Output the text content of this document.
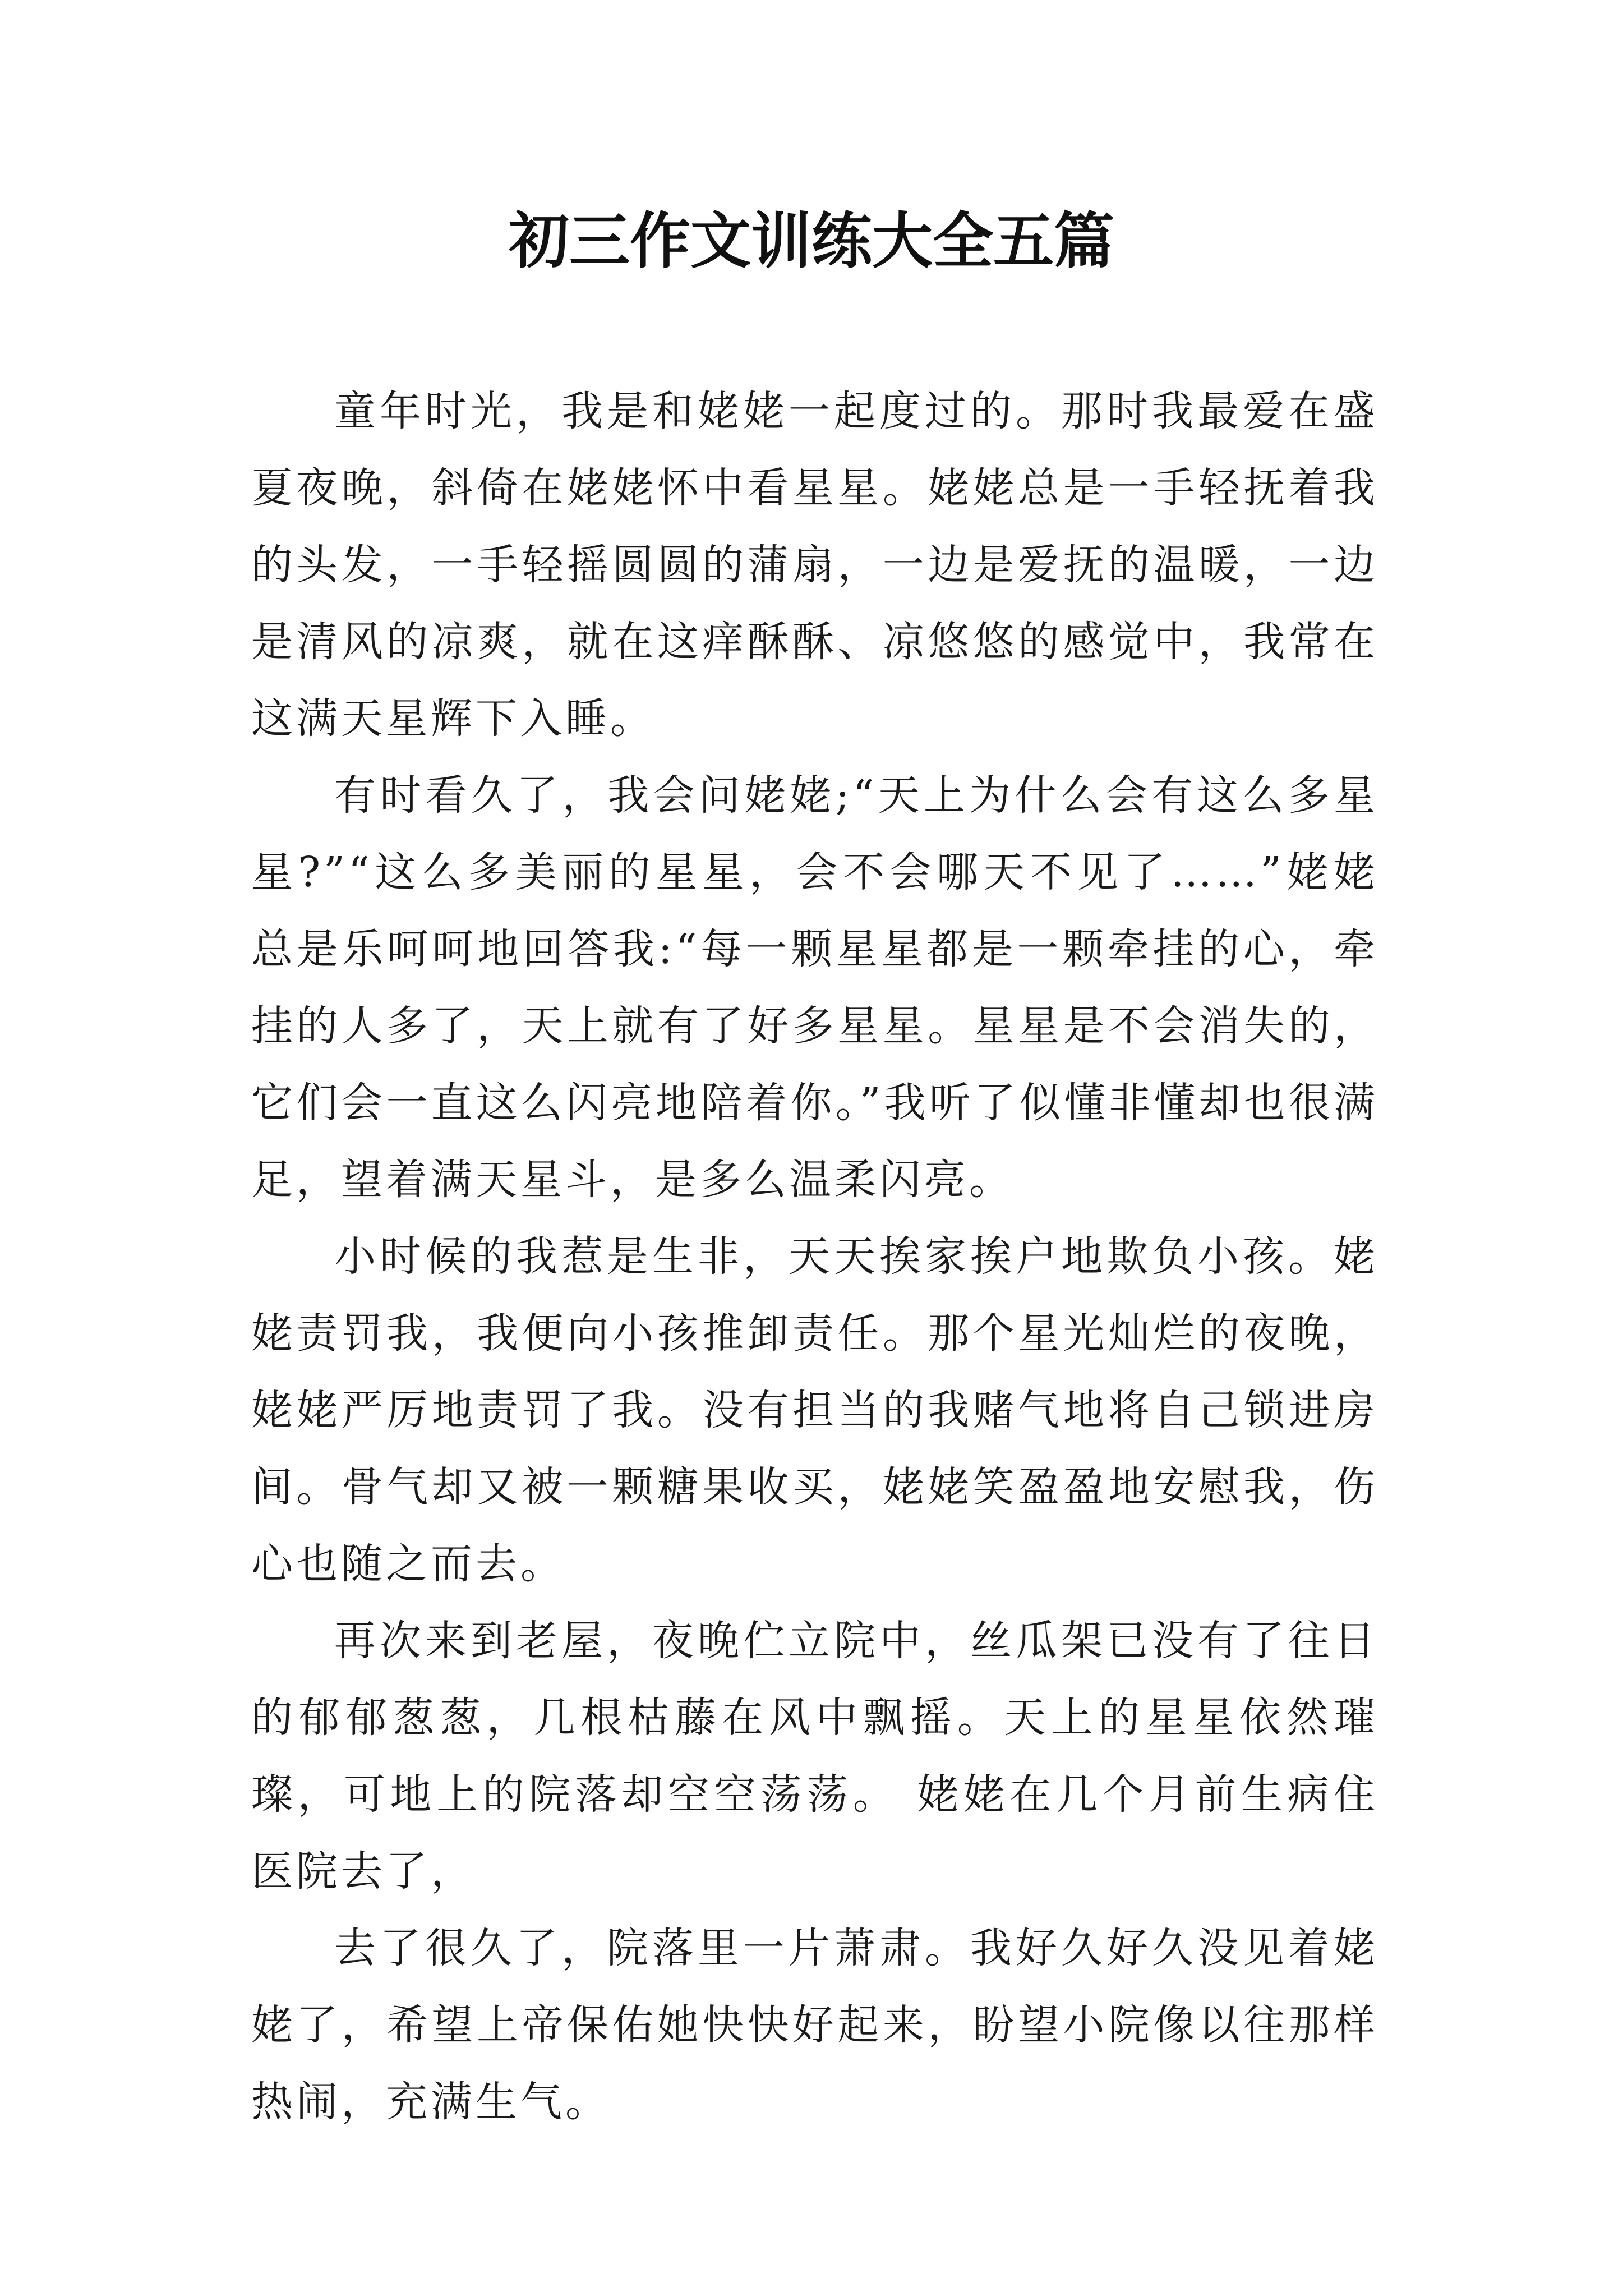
初三作文训练大全五篇

童年时光，我是和姥姥一起度过的。那时我最爱在盛夏夜晚，斜倚在姥姥怀中看星星。姥姥总是一手轻抚着我的头发，一手轻摇圆圆的蒲扇，一边是爱抚的温暖，一边是清风的凉爽，就在这痒酥酥、凉悠悠的感觉中，我常在这满天星辉下入睡。

有时看久了，我会问姥姥;“天上为什么会有这么多星星?”“这么多美丽的星星，会不会哪天不见了……”姥姥总是乐呵呵地回答我:“每一颗星星都是一颗牵挂的心，牵挂的人多了，天上就有了好多星星。星星是不会消失的，它们会一直这么闪亮地陪着你。”我听了似懂非懂却也很满足，望着满天星斗，是多么温柔闪亮。

小时候的我惹是生非，天天挨家挨户地欺负小孩。姥姥责罚我，我便向小孩推卸责任。那个星光灿烂的夜晚，姥姥严厉地责罚了我。没有担当的我赌气地将自己锁进房间。骨气却又被一颗糖果收买，姥姥笑盈盈地安慰我，伤心也随之而去。

再次来到老屋，夜晚伫立院中，丝瓜架已没有了往日的郁郁葱葱，几根枯藤在风中飘摇。天上的星星依然璀璨，可地上的院落却空空荡荡。 姥姥在几个月前生病住医院去了，

去了很久了，院落里一片萧肃。我好久好久没见着姥姥了，希望上帝保佑她快快好起来，盼望小院像以往那样热闹，充满生气。
